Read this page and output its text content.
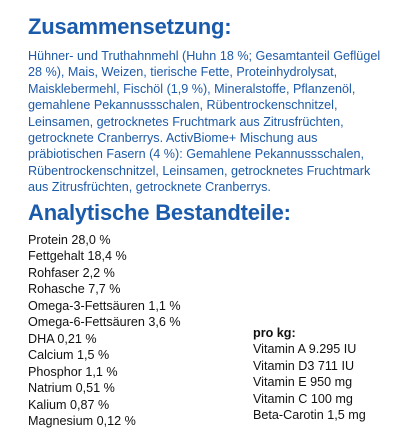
Zusammensetzung:

Hühner- und Truthahnmehl (Huhn 18 %; Gesamtanteil Geflügel
28 %), Mais, Weizen, tierische Fette, Proteinhydrolysat,
Maisklebermehl, Fischöl (1,9 %), Mineralstoffe, Pflanzenöl,
gemahlene Pekannussschalen, Rübentrockenschnitzel,
Leinsamen, getrocknetes Fruchtmark aus Zitrusfrüchten,
getrocknete Cranberrys. ActivBiome+ Mischung aus
präbiotischen Fasern (4 %): Gemahlene Pekannussschalen,
Rübentrockenschnitzel, Leinsamen, getrocknetes Fruchtmark
aus Zitrusfrüchten, getrocknete Cranberrys.

Analytische Bestandteile:
Protein 28,0 %
Fettgehalt 18,4 %
Rohfaser 2,2 %
Rohasche 7,7 %
Omega-3-Fettsäuren 1,1 %
Omega-6-Fettsäuren 3,6 %
DHA 0,21 %
Calcium 1,5 %
Phosphor 1,1 %
Natrium 0,51 %
Kalium 0,87 %
Magnesium 0,12 %
pro kg:
Vitamin A 9.295 IU
Vitamin D3 711 IU
Vitamin E 950 mg
Vitamin C 100 mg
Beta-Carotin 1,5 mg
